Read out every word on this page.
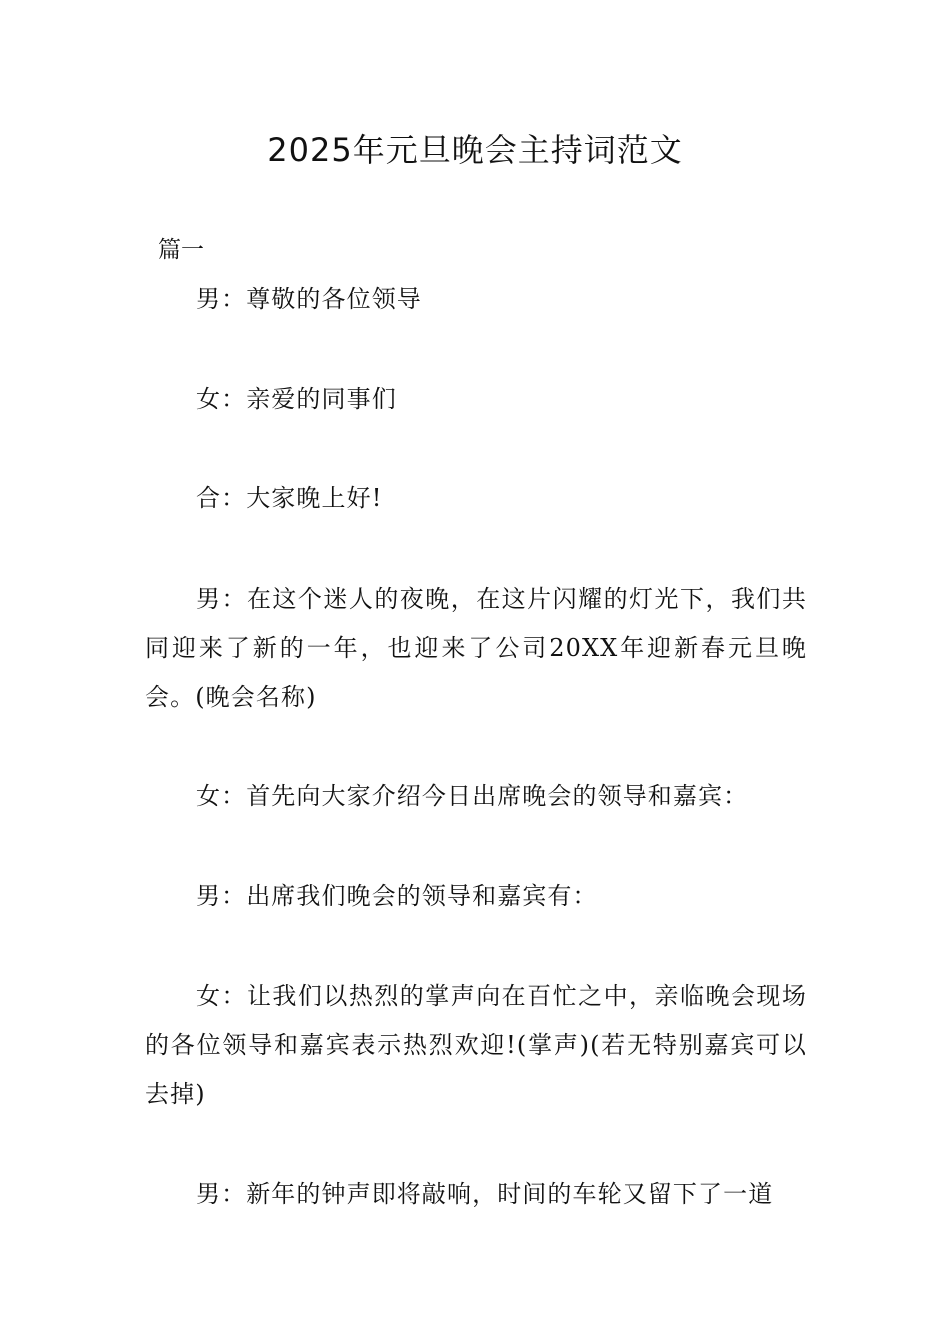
2025年元旦晚会主持词范文

篇一

男：尊敬的各位领导

女：亲爱的同事们

合：大家晚上好!

男：在这个迷人的夜晚，在这片闪耀的灯光下，我们共同迎来了新的一年，也迎来了公司20XX年迎新春元旦晚会。(晚会名称)

女：首先向大家介绍今日出席晚会的领导和嘉宾：

男：出席我们晚会的领导和嘉宾有：

女：让我们以热烈的掌声向在百忙之中，亲临晚会现场的各位领导和嘉宾表示热烈欢迎!(掌声)(若无特别嘉宾可以去掉)

男：新年的钟声即将敲响，时间的车轮又留下了一道
